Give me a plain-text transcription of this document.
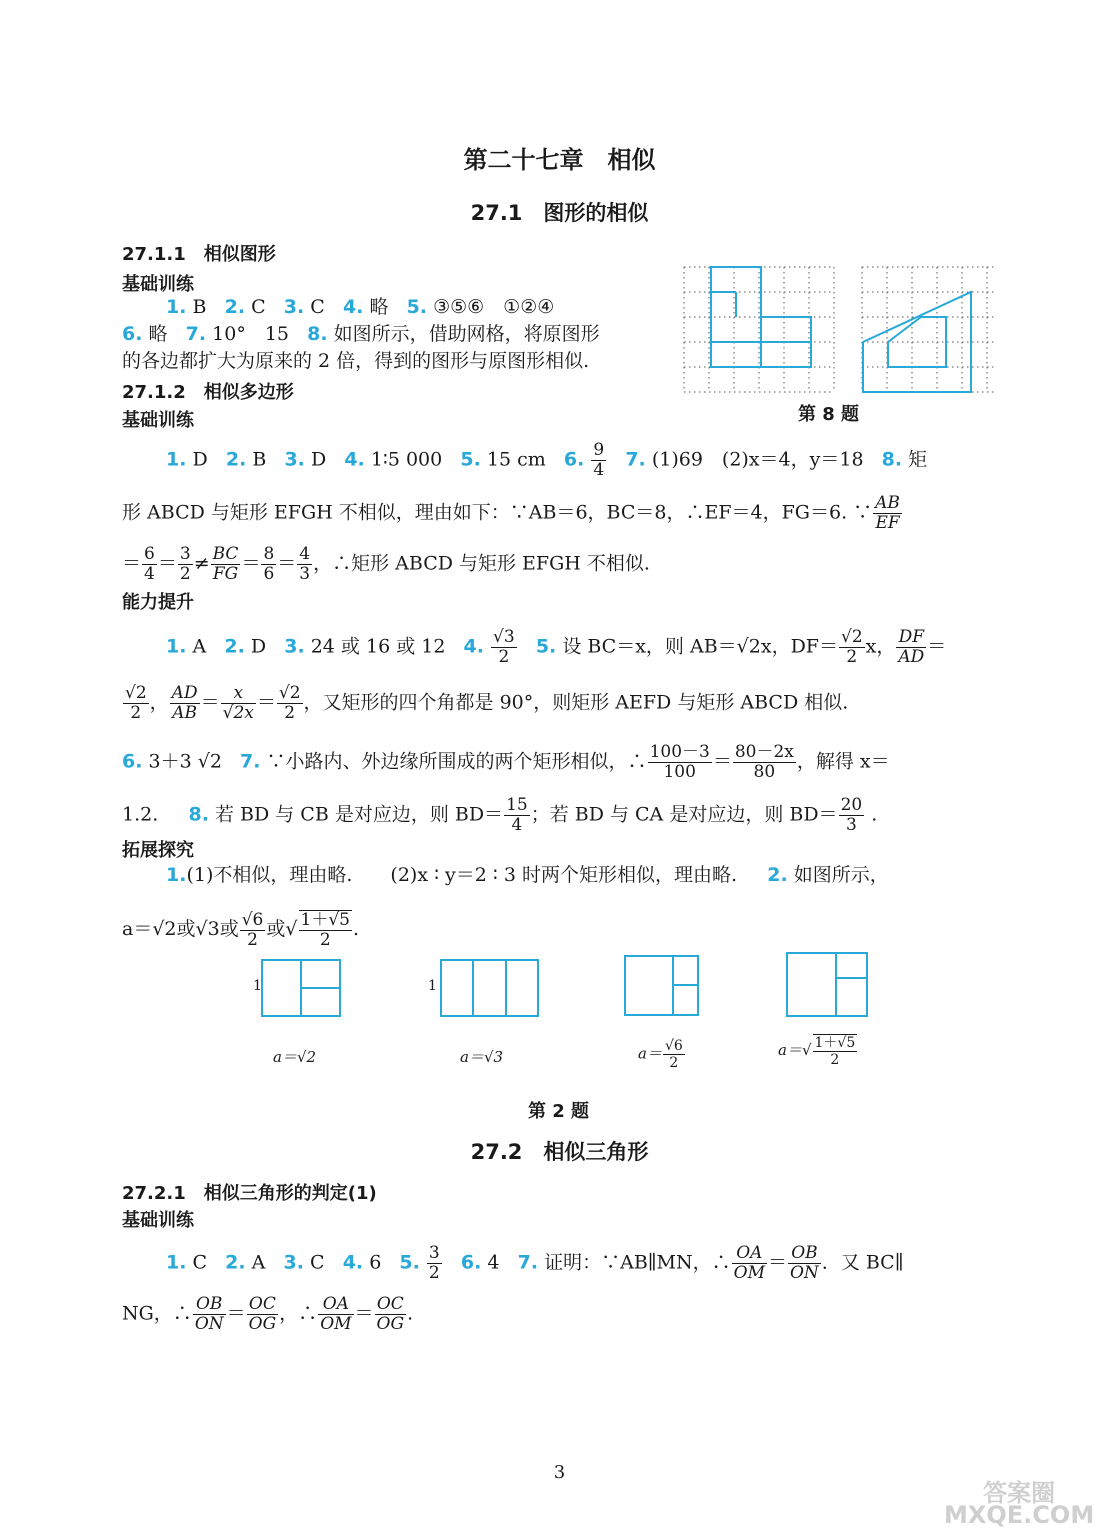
第二十七章　相似
27.1　图形的相似
27.1.1　相似图形
基础训练
1. B 2. C 3. C 4. 略 5. ③⑤⑥　①②④
6. 略 7. 10°　15 8. 如图所示，借助网格，将原图形
的各边都扩大为原来的 2 倍，得到的图形与原图形相似.
27.1.2　相似多边形
基础训练	第 8 题
1. D 2. B 3. D 4. 1∶5 000 5. 15 cm 6. $\frac{9}{4} 7$. (1)69　(2)x＝4，y＝18 8. 矩
形 ABCD 与矩形 EFGH 不相似，理由如下：∵AB＝6，BC＝8，∴EF＝4，FG＝6. ∵ $\frac{AB}{EF}$
＝ $\frac{6}{4} = \frac{3}{2} \ne \frac{BC}{FG} = \frac{8}{6} = \frac{4}{3}$ ，∴矩形 ABCD 与矩形 EFGH 不相似.
能力提升
1. A 2. D 3. 24 或 16 或 12 4. $\frac{√3}{2} 5$. 设 BC＝x，则 AB＝√2x，$DF= \frac{√2}{2}$ x， $\frac{DF}{AD}$ ＝
$\frac{√2}{2}$ ， $\frac{AD}{AB} = \frac{x}{√2x} = \frac{√2}{2}$ ，又矩形的四个角都是 90°，则矩形 AEFD 与矩形 ABCD 相似.
6. 3＋3 √2 7. ∵小路内、外边缘所围成的两个矩形相似，∴ $\frac{100-3}{100} = \frac{80-2x}{80}$ ，解得 x＝
1.2. 8. 若 BD 与 CB 是对应边，则 $BD= \frac{15}{4}$ ；若 BD 与 CA 是对应边，则 $BD= \frac{20}{3}$ .
拓展探究
1.(1)不相似，理由略.　　(2)x ∶ y＝2 ∶ 3 时两个矩形相似，理由略. 2. 如图所示，
a＝√2或√3或 $\frac{√6}{2}$ 或√ $\frac{1+√5}{2}$ .
1	1
a＝√2	a＝√3	$a= \frac{√6}{2}$	$a=√ \frac{1+√5}{2}$
第 2 题
27.2　相似三角形
27.2.1　相似三角形的判定(1)
基础训练
1. C 2. A 3. C 4. 6 5. $\frac{3}{2} 6$. 4 7. 证明：∵AB∥MN，∴ $\frac{OA}{OM} = \frac{OB}{ON}$ ．又 BC∥
NG，∴ $\frac{OB}{ON} = \frac{OC}{OG}$ ，∴ $\frac{OA}{OM} = \frac{OC}{OG}$ .
3
答案圈
MXQE.COM
